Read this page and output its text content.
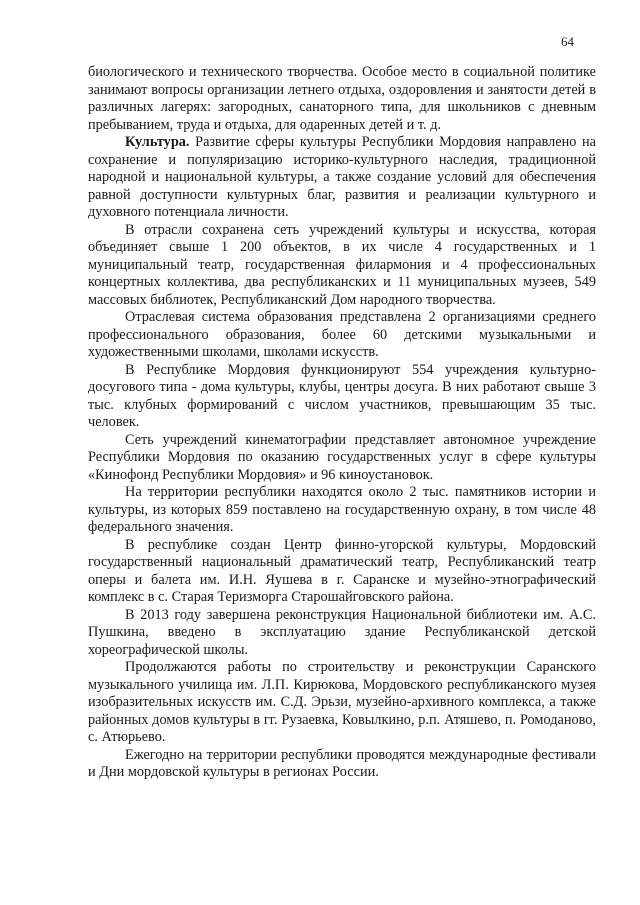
64

биологического и технического творчества. Особое место в социальной политике занимают вопросы организации летнего отдыха, оздоровления и занятости детей в различных лагерях: загородных, санаторного типа, для школьников с дневным пребыванием, труда и отдыха, для одаренных детей и т. д.

Культура. Развитие сферы культуры Республики Мордовия направлено на сохранение и популяризацию историко-культурного наследия, традиционной народной и национальной культуры, а также создание условий для обеспечения равной доступности культурных благ, развития и реализации культурного и духовного потенциала личности.

В отрасли сохранена сеть учреждений культуры и искусства, которая объединяет свыше 1 200 объектов, в их числе 4 государственных и 1 муниципальный театр, государственная филармония и 4 профессиональных концертных коллектива, два республиканских и 11 муниципальных музеев, 549 массовых библиотек, Республиканский Дом народного творчества.

Отраслевая система образования представлена 2 организациями среднего профессионального образования, более 60 детскими музыкальными и художественными школами, школами искусств.

В Республике Мордовия функционируют 554 учреждения культурно-досугового типа - дома культуры, клубы, центры досуга. В них работают свыше 3 тыс. клубных формирований с числом участников, превышающим 35 тыс. человек.

Сеть учреждений кинематографии представляет автономное учреждение Республики Мордовия по оказанию государственных услуг в сфере культуры «Кинофонд Республики Мордовия» и 96 киноустановок.

На территории республики находятся около 2 тыс. памятников истории и культуры, из которых 859 поставлено на государственную охрану, в том числе 48 федерального значения.

В республике создан Центр финно-угорской культуры, Мордовский государственный национальный драматический театр, Республиканский театр оперы и балета им. И.Н. Яушева в г. Саранске и музейно-этнографический комплекс в с. Старая Теризморга Старошайговского района.

В 2013 году завершена реконструкция Национальной библиотеки им. А.С. Пушкина, введено в эксплуатацию здание Республиканской детской хореографической школы.

Продолжаются работы по строительству и реконструкции Саранского музыкального училища им. Л.П. Кирюкова, Мордовского республиканского музея изобразительных искусств им. С.Д. Эрьзи, музейно-архивного комплекса, а также районных домов культуры в гг. Рузаевка, Ковылкино, р.п. Атяшево, п. Ромоданово, с. Атюрьево.

Ежегодно на территории республики проводятся международные фестивали и Дни мордовской культуры в регионах России.
